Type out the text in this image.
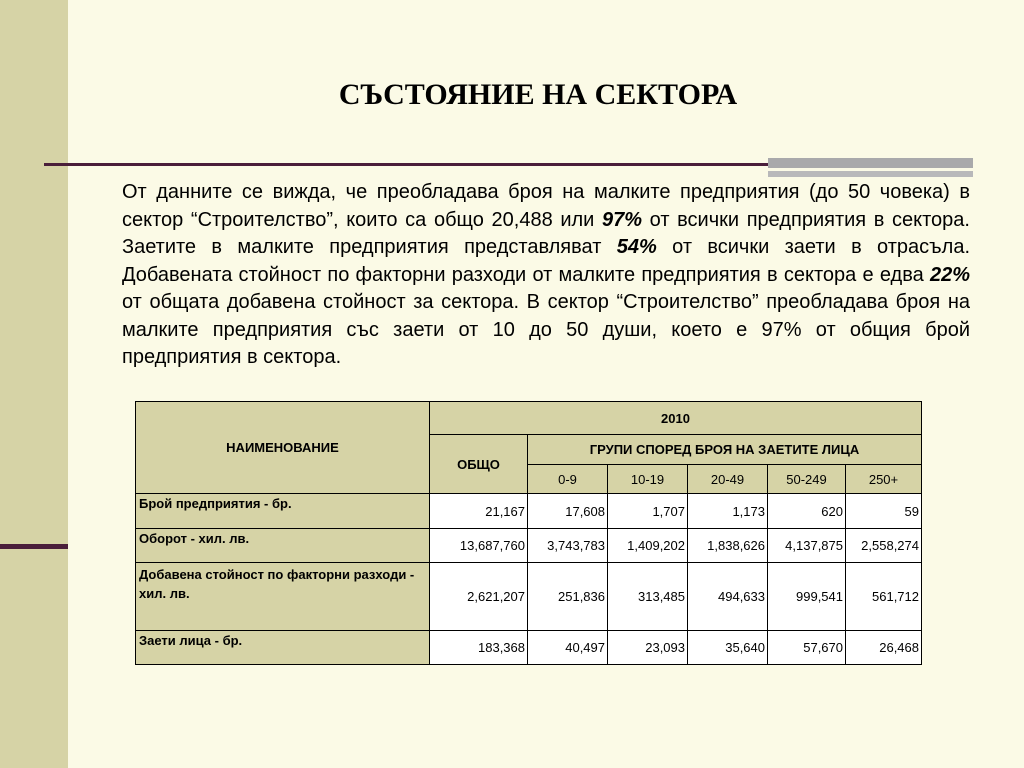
СЪСТОЯНИЕ НА СЕКТОРА

От данните се вижда, че преобладава броя на малките предприятия (до 50 човека) в сектор “Строителство”, които са общо 20,488 или 97% от всички предприятия в сектора. Заетите в малките предприятия представляват 54% от всички заети в отрасъла. Добавената стойност по факторни разходи от малките предприятия в сектора е едва 22% от общата добавена стойност за сектора. В сектор “Строителство” преобладава броя на малките предприятия със заети от 10 до 50 души, което е 97% от общия брой предприятия в сектора.

НАИМЕНОВАНИЕ	2010					
	ОБЩО	ГРУПИ СПОРЕД БРОЯ НА ЗАЕТИТЕ ЛИЦА				
		0-9	10-19	20-49	50-249	250+
Брой предприятия - бр.	21,167	17,608	1,707	1,173	620	59
Оборот - хил. лв.	13,687,760	3,743,783	1,409,202	1,838,626	4,137,875	2,558,274
Добавена стойност по факторни разходи - хил. лв.	2,621,207	251,836	313,485	494,633	999,541	561,712
Заети лица - бр.	183,368	40,497	23,093	35,640	57,670	26,468
